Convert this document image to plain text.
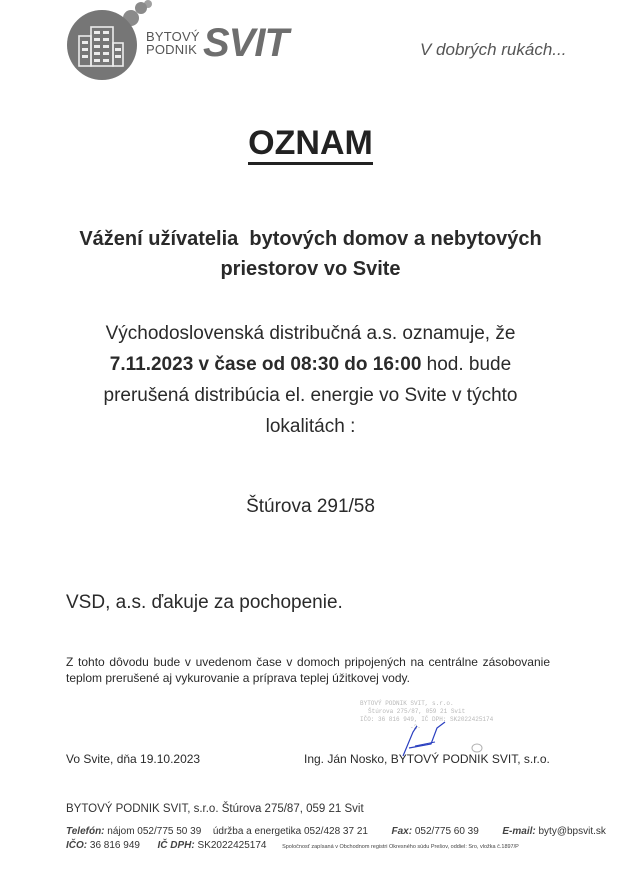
BYTOVÝ
PODNIK SVIT	V dobrých rukách...
OZNAM
Vážení užívatelia  bytových domov a nebytových
priestorov vo Svite
Východoslovenská distribučná a.s. oznamuje, že
7.11.2023 v čase od 08:30 do 16:00 hod. bude
prerušená distribúcia el. energie vo Svite v týchto
lokalitách :
Štúrova 291/58
VSD, a.s. ďakuje za pochopenie.
Z tohto dôvodu bude v uvedenom čase v domoch pripojených na centrálne zásobovanie teplom prerušené aj vykurovanie a príprava teplej úžitkovej vody.
BYTOVÝ PODNIK SVIT, s.r.o.
Štúrova 275/87, 059 21 Svit
IČO: 36 816 949, IČ DPH: SK2022425174
-2-
Vo Svite, dňa 19.10.2023	Ing. Ján Nosko, BYTOVÝ PODNIK SVIT, s.r.o.
BYTOVÝ PODNIK SVIT, s.r.o. Štúrova 275/87, 059 21 Svit
Telefón: nájom 052/775 50 39 údržba a energetika 052/428 37 21 Fax: 052/775 60 39 E-mail: byty@bpsvit.sk
IČO: 36 816 949 IČ DPH: SK2022425174	Spoločnosť zapísaná v Obchodnom registri Okresného súdu Prešov, oddiel: Sro, vložka č.1897/P
